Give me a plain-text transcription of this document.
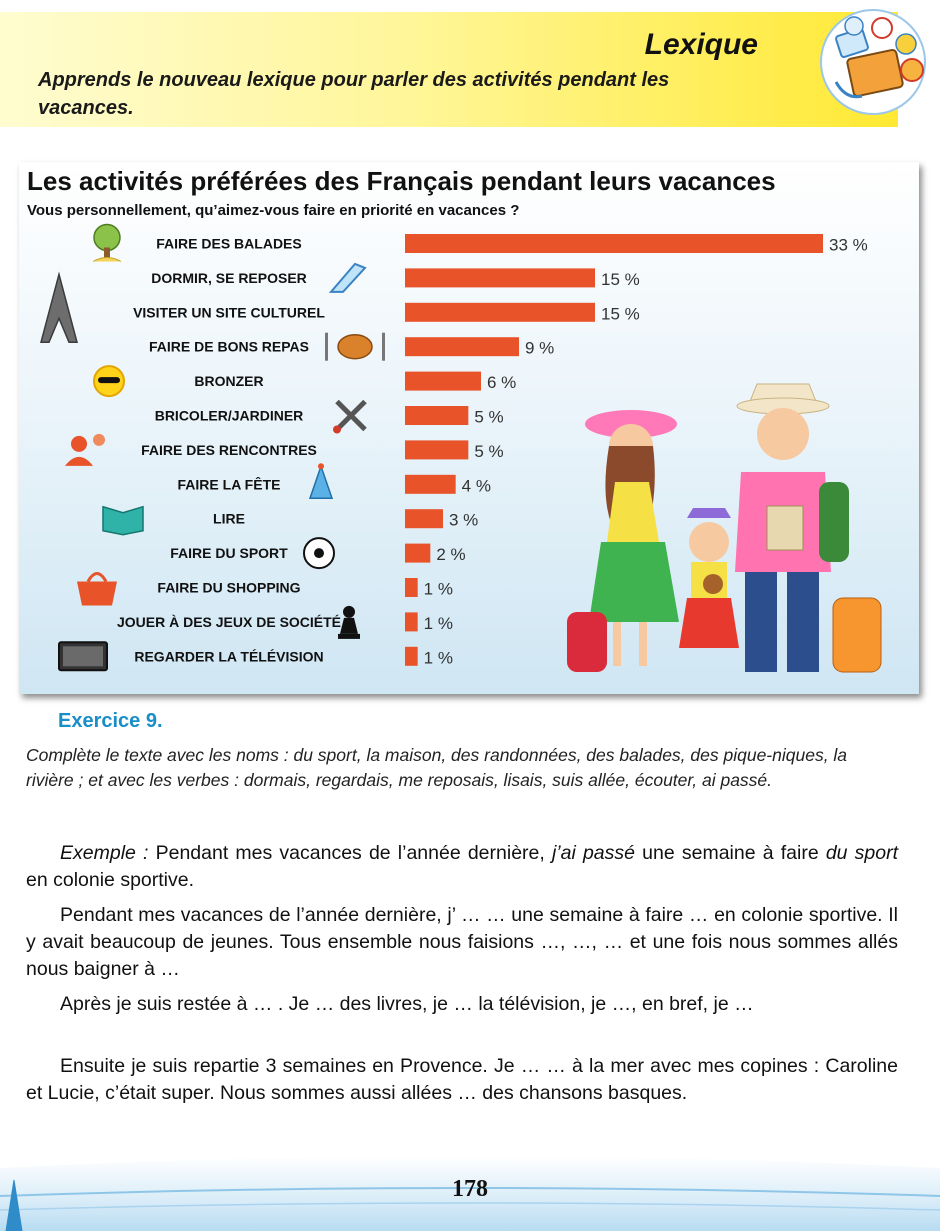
Lexique
Apprends le nouveau lexique pour parler des activités pendant les vacances.
Les activités préférées des Français pendant leurs vacances
Vous personnellement, qu’aimez-vous faire en priorité en vacances ?
FAIRE DES BALADES	33 %
DORMIR, SE REPOSER	15 %
VISITER UN SITE CULTUREL	15 %
FAIRE DE BONS REPAS	9 %
BRONZER	6 %
BRICOLER/JARDINER	5 %
FAIRE DES RENCONTRES	5 %
FAIRE LA FÊTE	4 %
LIRE	3 %
FAIRE DU SPORT	2 %
FAIRE DU SHOPPING	1 %
JOUER À DES JEUX DE SOCIÉTÉ	1 %
REGARDER LA TÉLÉVISION	1 %
Exercice 9.
Complète le texte avec les noms : du sport, la maison, des randonnées, des balades, des pique-niques, la rivière ; et avec les verbes : dormais, regardais, me reposais, lisais, suis allée, écouter, ai passé.
Exemple : Pendant mes vacances de l’année dernière, j’ai passé une semaine à faire du sport en colonie sportive.
Pendant mes vacances de l’année dernière, j’ … … une semaine à faire … en colonie sportive. Il y avait beaucoup de jeunes. Tous ensemble nous faisions …, …, … et une fois nous sommes allés nous baigner à …
Après je suis restée à … . Je … des livres, je … la télévision, je …, en bref, je …
Ensuite je suis repartie 3 semaines en Provence. Je … … à la mer avec mes copines : Caroline et Lucie, c’était super. Nous sommes aussi allées … des chansons basques.
178
